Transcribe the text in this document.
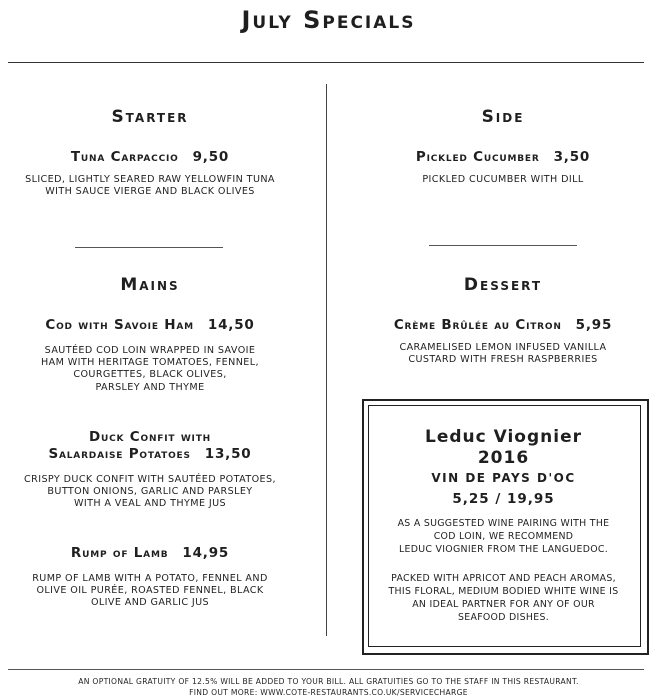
July Specials
Starter
Tuna Carpaccio 9,50
SLICED, LIGHTLY SEARED RAW YELLOWFIN TUNA
WITH SAUCE VIERGE AND BLACK OLIVES
Mains
Cod with Savoie Ham 14,50
SAUTÉED COD LOIN WRAPPED IN SAVOIE
HAM WITH HERITAGE TOMATOES, FENNEL,
COURGETTES, BLACK OLIVES,
PARSLEY AND THYME
Duck Confit with
Salardaise Potatoes 13,50
CRISPY DUCK CONFIT WITH SAUTÉED POTATOES,
BUTTON ONIONS, GARLIC AND PARSLEY
WITH A VEAL AND THYME JUS
Rump of Lamb 14,95
RUMP OF LAMB WITH A POTATO, FENNEL AND
OLIVE OIL PURÉE, ROASTED FENNEL, BLACK
OLIVE AND GARLIC JUS
Side
Pickled Cucumber 3,50
PICKLED CUCUMBER WITH DILL
Dessert
Crème Brûlée au Citron 5,95
CARAMELISED LEMON INFUSED VANILLA
CUSTARD WITH FRESH RASPBERRIES
Leduc Viognier
2016
VIN DE PAYS D'OC
5,25 / 19,95
AS A SUGGESTED WINE PAIRING WITH THE
COD LOIN, WE RECOMMEND
LEDUC VIOGNIER FROM THE LANGUEDOC.
PACKED WITH APRICOT AND PEACH AROMAS,
THIS FLORAL, MEDIUM BODIED WHITE WINE IS
AN IDEAL PARTNER FOR ANY OF OUR
SEAFOOD DISHES.
AN OPTIONAL GRATUITY OF 12.5% WILL BE ADDED TO YOUR BILL. ALL GRATUITIES GO TO THE STAFF IN THIS RESTAURANT.
FIND OUT MORE: WWW.COTE-RESTAURANTS.CO.UK/SERVICECHARGE
